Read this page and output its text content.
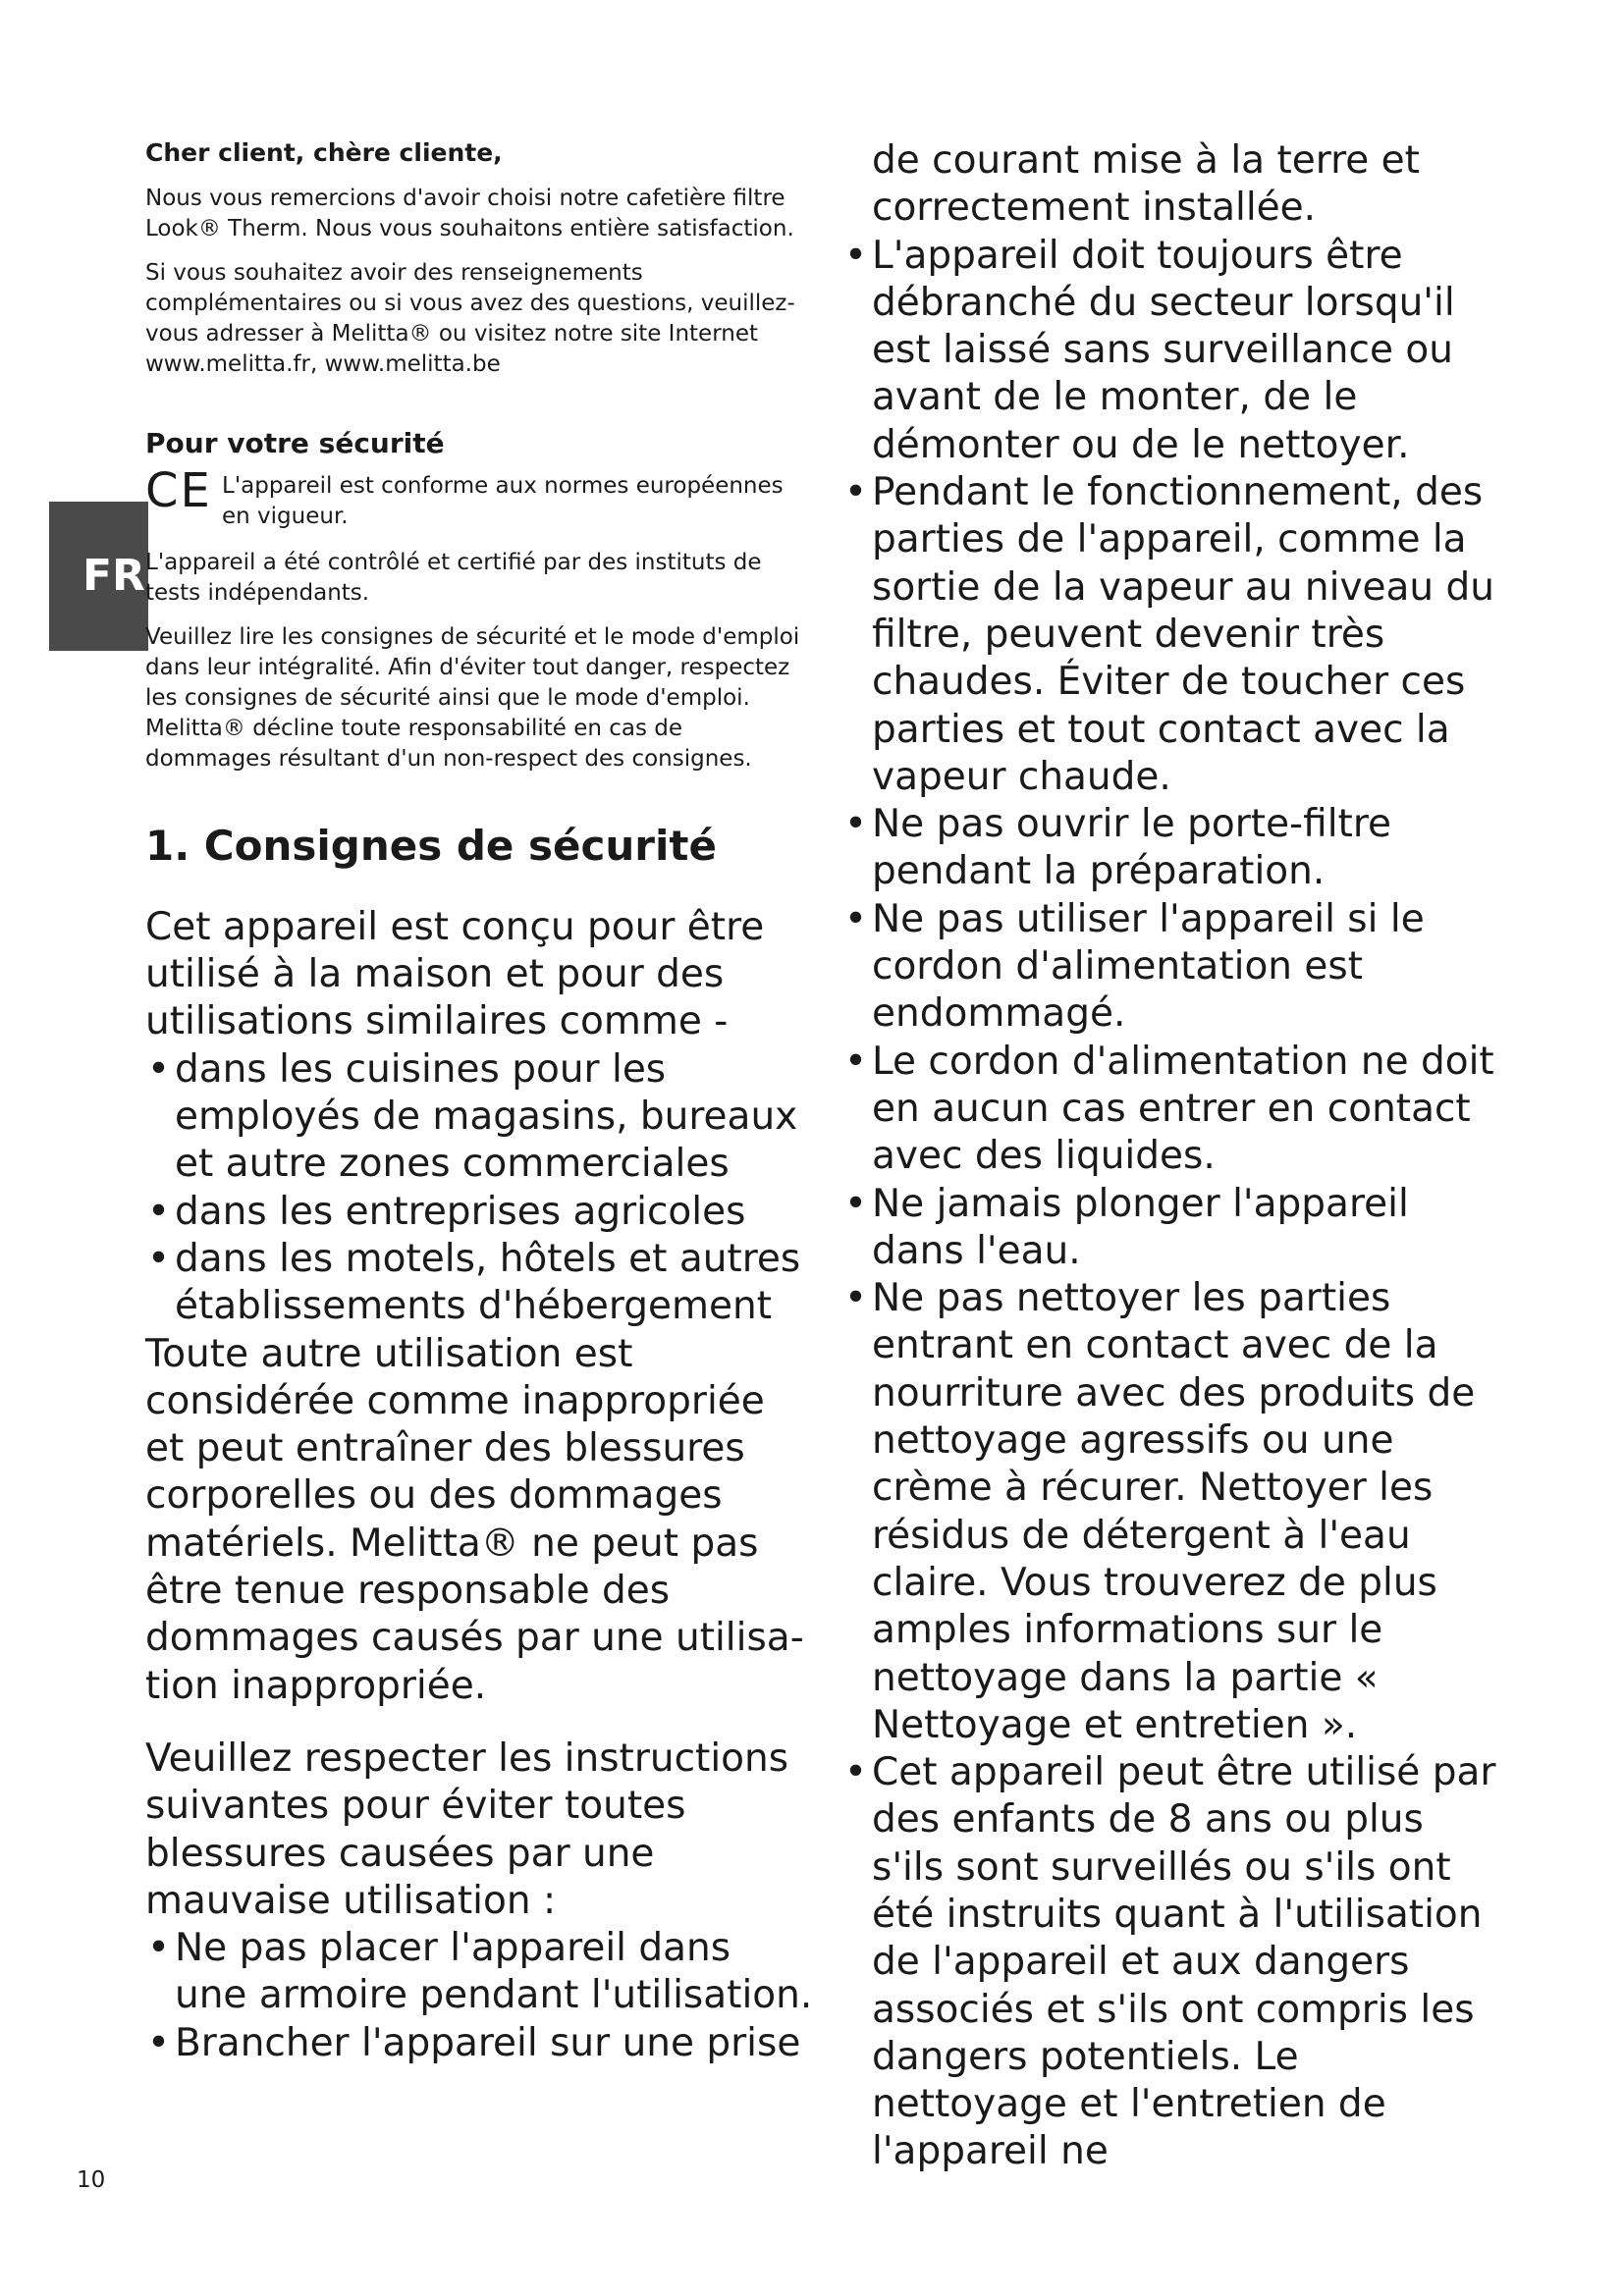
FR
Cher client, chère cliente,

Nous vous remercions d'avoir choisi notre cafetière filtre Look® Therm. Nous vous souhaitons entière satisfaction.

Si vous souhaitez avoir des renseignements complémentaires ou si vous avez des questions, veuillez-vous adresser à Melitta® ou visitez notre site Internet www.melitta.fr, www.melitta.be

Pour votre sécurité
CE L'appareil est conforme aux normes européennes en vigueur.

L'appareil a été contrôlé et certifié par des instituts de tests indépendants.

Veuillez lire les consignes de sécurité et le mode d'emploi dans leur intégralité. Afin d'éviter tout danger, respectez les consignes de sécurité ainsi que le mode d'emploi. Melitta® décline toute responsabilité en cas de dommages résultant d'un non-respect des consignes.

1. Consignes de sécurité

Cet appareil est conçu pour être utilisé à la maison et pour des utilisations similaires comme -

• dans les cuisines pour les employés de magasins, bureaux et autre zones commerciales
• dans les entreprises agricoles
• dans les motels, hôtels et autres établissements d'hébergement

Toute autre utilisation est considérée comme inappropriée et peut entraîner des blessures corporelles ou des dommages matériels. Melitta® ne peut pas être tenue responsable des dommages causés par une utilisa-tion inappropriée.

Veuillez respecter les instructions suivantes pour éviter toutes blessures causées par une mauvaise utilisation :

• Ne pas placer l'appareil dans une armoire pendant l'utilisation.
• Brancher l'appareil sur une prise

de courant mise à la terre et correctement installée.

• L'appareil doit toujours être débranché du secteur lorsqu'il est laissé sans surveillance ou avant de le monter, de le démonter ou de le nettoyer.
• Pendant le fonctionnement, des parties de l'appareil, comme la sortie de la vapeur au niveau du filtre, peuvent devenir très chaudes. Éviter de toucher ces parties et tout contact avec la vapeur chaude.
• Ne pas ouvrir le porte-filtre pendant la préparation.
• Ne pas utiliser l'appareil si le cordon d'alimentation est endommagé.
• Le cordon d'alimentation ne doit en aucun cas entrer en contact avec des liquides.
• Ne jamais plonger l'appareil dans l'eau.
• Ne pas nettoyer les parties entrant en contact avec de la nourriture avec des produits de nettoyage agressifs ou une crème à récurer. Nettoyer les résidus de détergent à l'eau claire. Vous trouverez de plus amples informations sur le nettoyage dans la partie « Nettoyage et entretien ».
• Cet appareil peut être utilisé par des enfants de 8 ans ou plus s'ils sont surveillés ou s'ils ont été instruits quant à l'utilisation de l'appareil et aux dangers associés et s'ils ont compris les dangers potentiels. Le nettoyage et l'entretien de l'appareil ne
10
